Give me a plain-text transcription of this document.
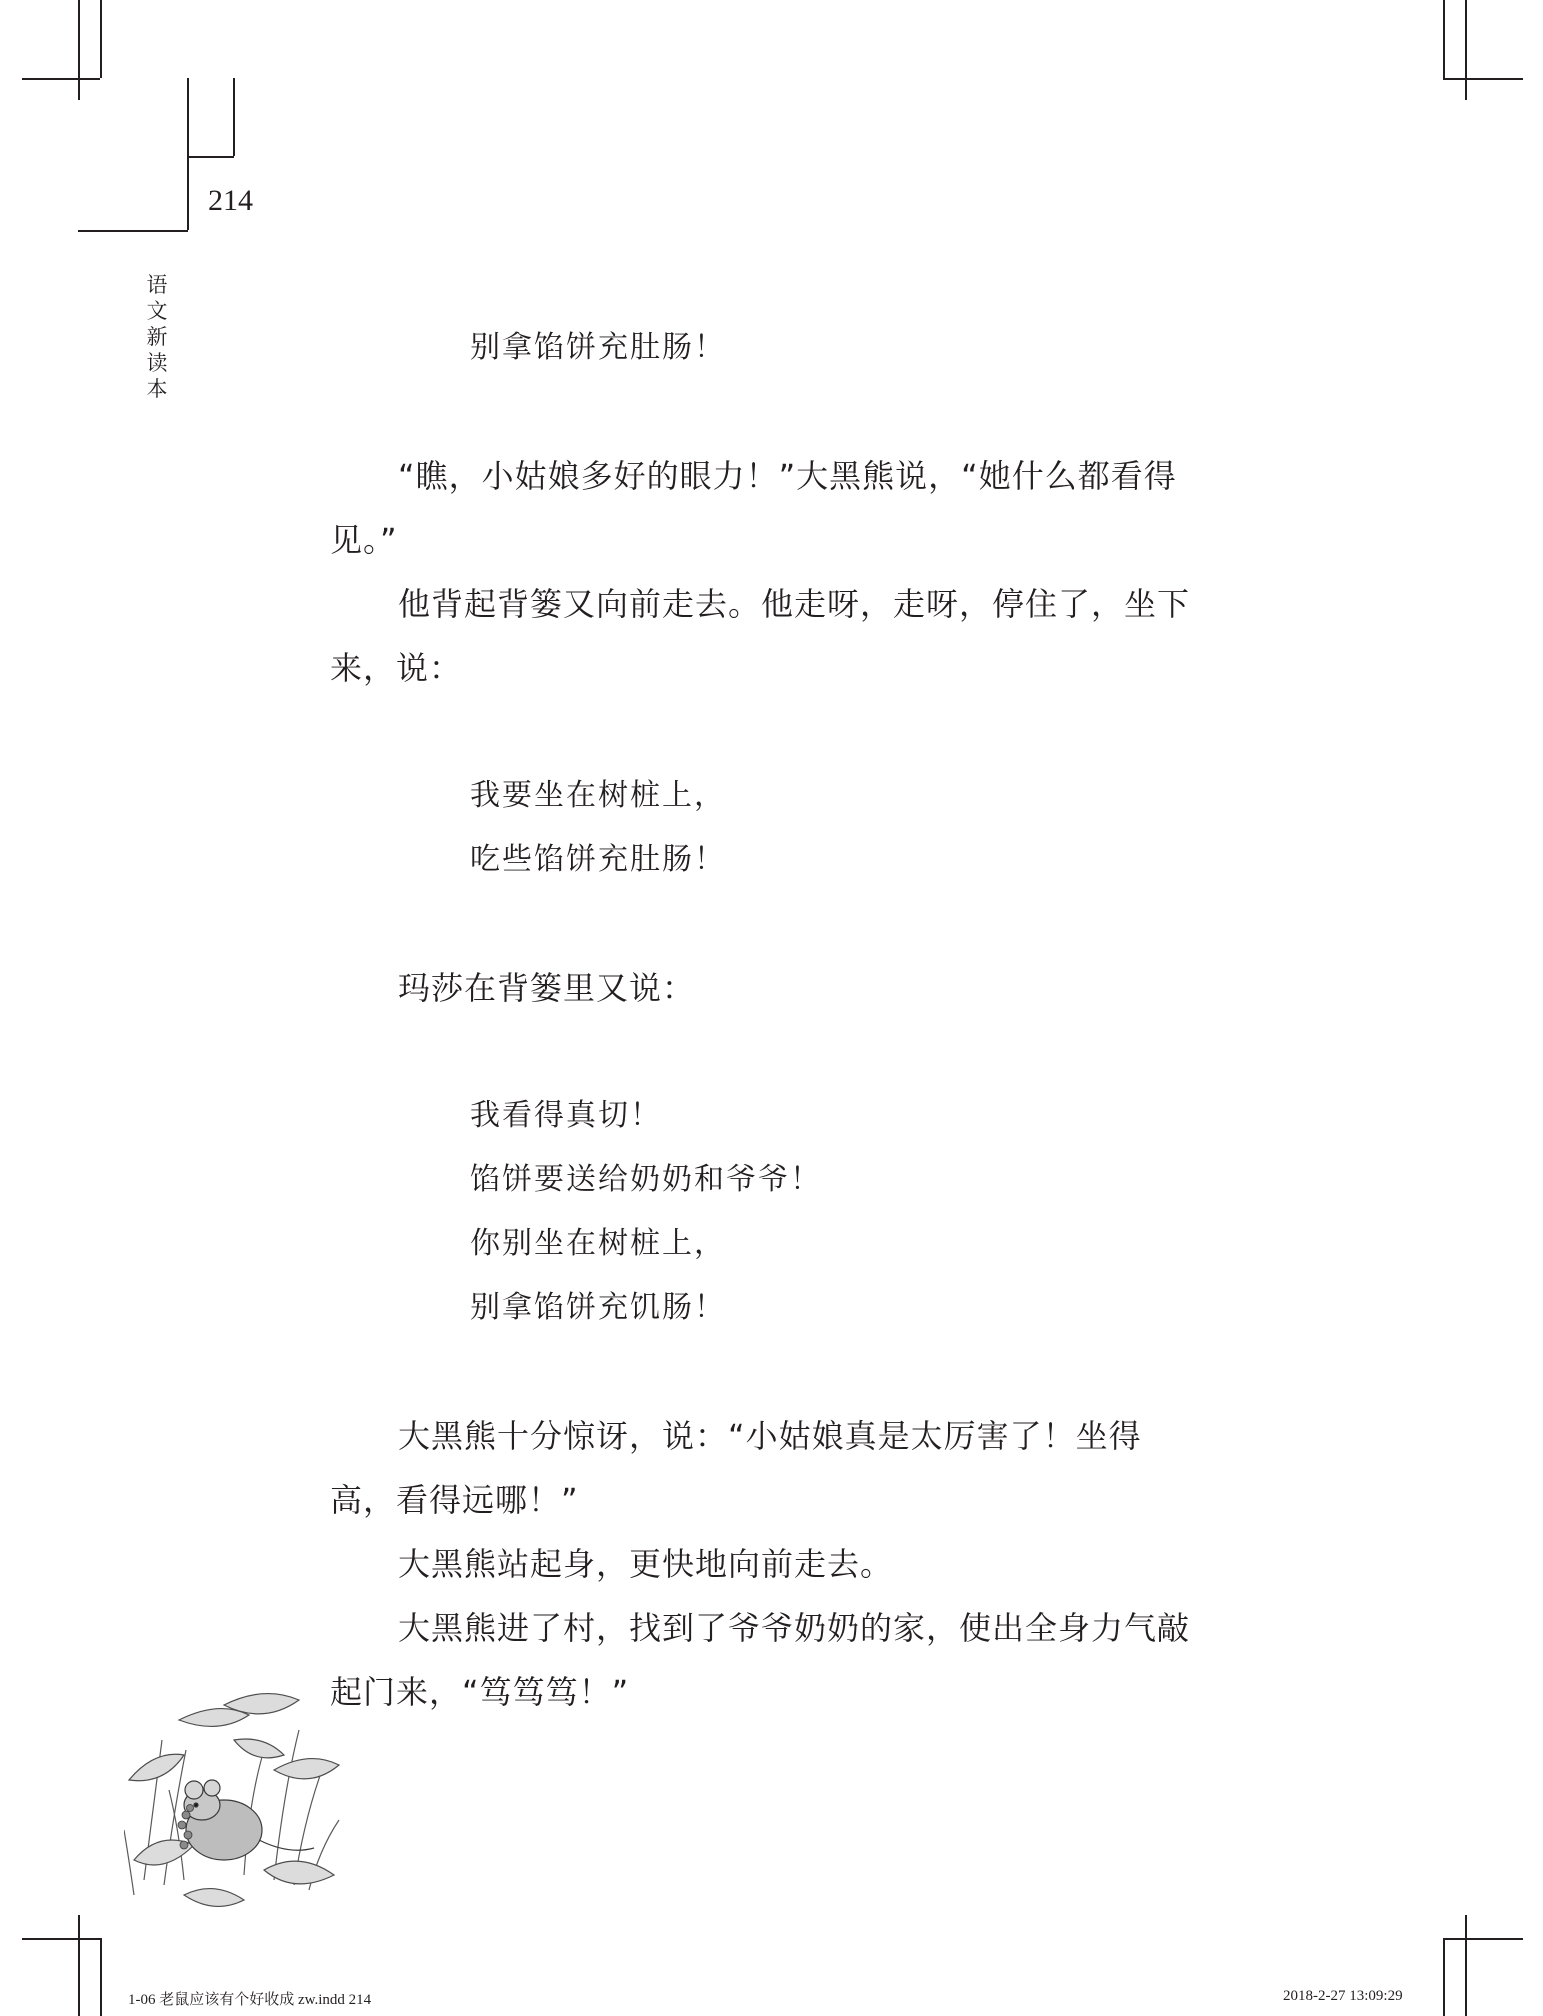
214
语文新读本
别拿馅饼充肚肠！

“瞧，小姑娘多好的眼力！”大黑熊说，“她什么都看得见。”

他背起背篓又向前走去。他走呀，走呀，停住了，坐下来，说：

我要坐在树桩上，
吃些馅饼充肚肠！

玛莎在背篓里又说：

我看得真切！
馅饼要送给奶奶和爷爷！
你别坐在树桩上，
别拿馅饼充饥肠！

大黑熊十分惊讶，说：“小姑娘真是太厉害了！坐得高，看得远哪！”

大黑熊站起身，更快地向前走去。

大黑熊进了村，找到了爷爷奶奶的家，使出全身力气敲起门来，“笃笃笃！”

1-06 老鼠应该有个好收成 zw.indd 214	2018-2-27 13:09:29
